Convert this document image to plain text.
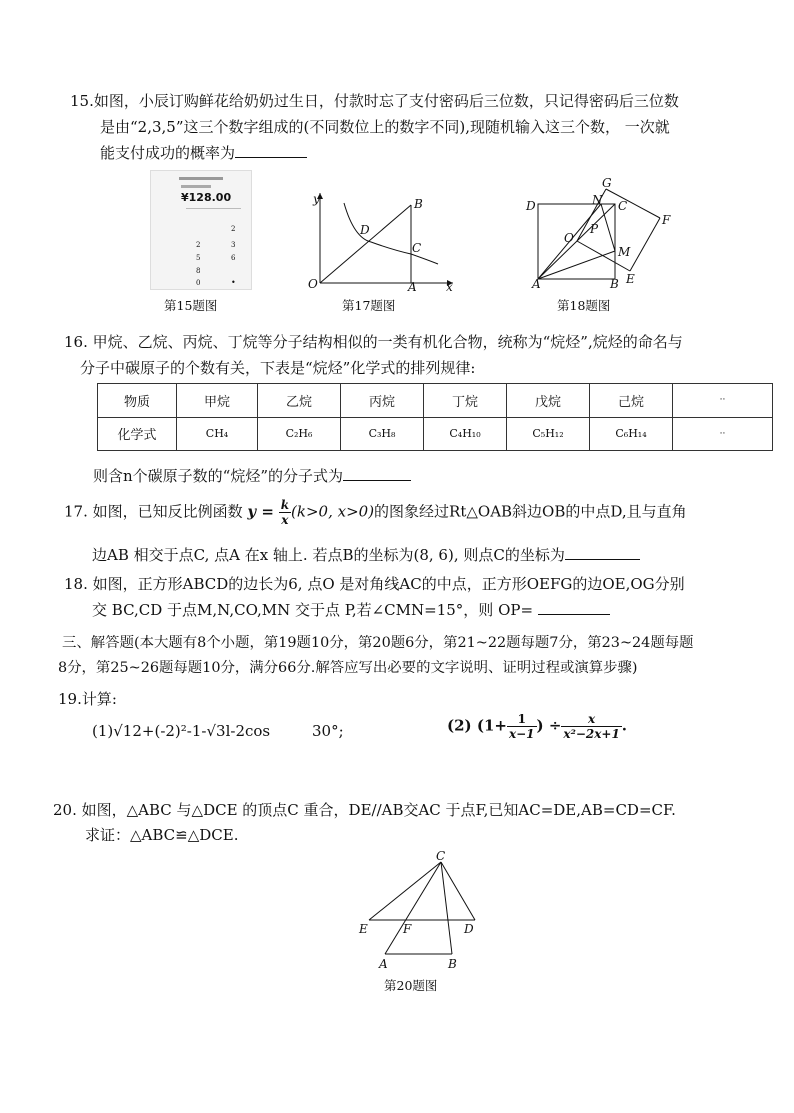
15.如图，小辰订购鲜花给奶奶过生日，付款时忘了支付密码后三位数，只记得密码后三位数
是由“2,3,5”这三个数字组成的(不同数位上的数字不同),现随机输入这三个数， 一次就
能支付成功的概率为
¥128.00
2
2	3
5	6
8
0	•
第15题图
y	B
D
C
O	A x
第17题图
G
D	N C
F
O
P
M
A	B E
第18题图
16. 甲烷、乙烷、丙烷、丁烷等分子结构相似的一类有机化合物，统称为“烷烃”,烷烃的命名与
分子中碳原子的个数有关，下表是“烷烃”化学式的排列规律:
物质	甲烷	乙烷	丙烷	丁烷	戊烷	己烷	··
化学式	CH₄	C₂H₆	C₃H₈	C₄H₁₀	C₅H₁₂	C₆H₁₄	··
则含n个碳原子数的“烷烃”的分子式为
17. 如图，已知反比例函数 $y = \frac{k}{x} (k>0$, x>0)的图象经过Rt△OAB斜边OB的中点D,且与直角
边AB 相交于点C, 点A 在x 轴上. 若点B的坐标为(8, 6), 则点C的坐标为
18. 如图，正方形ABCD的边长为6, 点O 是对角线AC的中点，正方形OEFG的边OE,OG分别
交 BC,CD 于点M,N,CO,MN 交于点 P,若∠CMN=15°，则 OP=
三、解答题(本大题有8个小题，第19题10分，第20题6分，第21~22题每题7分，第23~24题每题
8分，第25~26题每题10分，满分66分.解答应写出必要的文字说明、证明过程或演算步骤)
19.计算:
(1)√12+(-2)²-1-√3l-2cos	30°;	(2) ($1+ \frac{1}{x-1}$ ) ÷ $\frac{x}{\text{x²−2x+1}}$ .
20. 如图，△ABC 与△DCE 的顶点C 重合，DE//AB交AC 于点F,已知AC=DE,AB=CD=CF.
求证：△ABC≌△DCE.
C
E	F	D
A	B
第20题图
